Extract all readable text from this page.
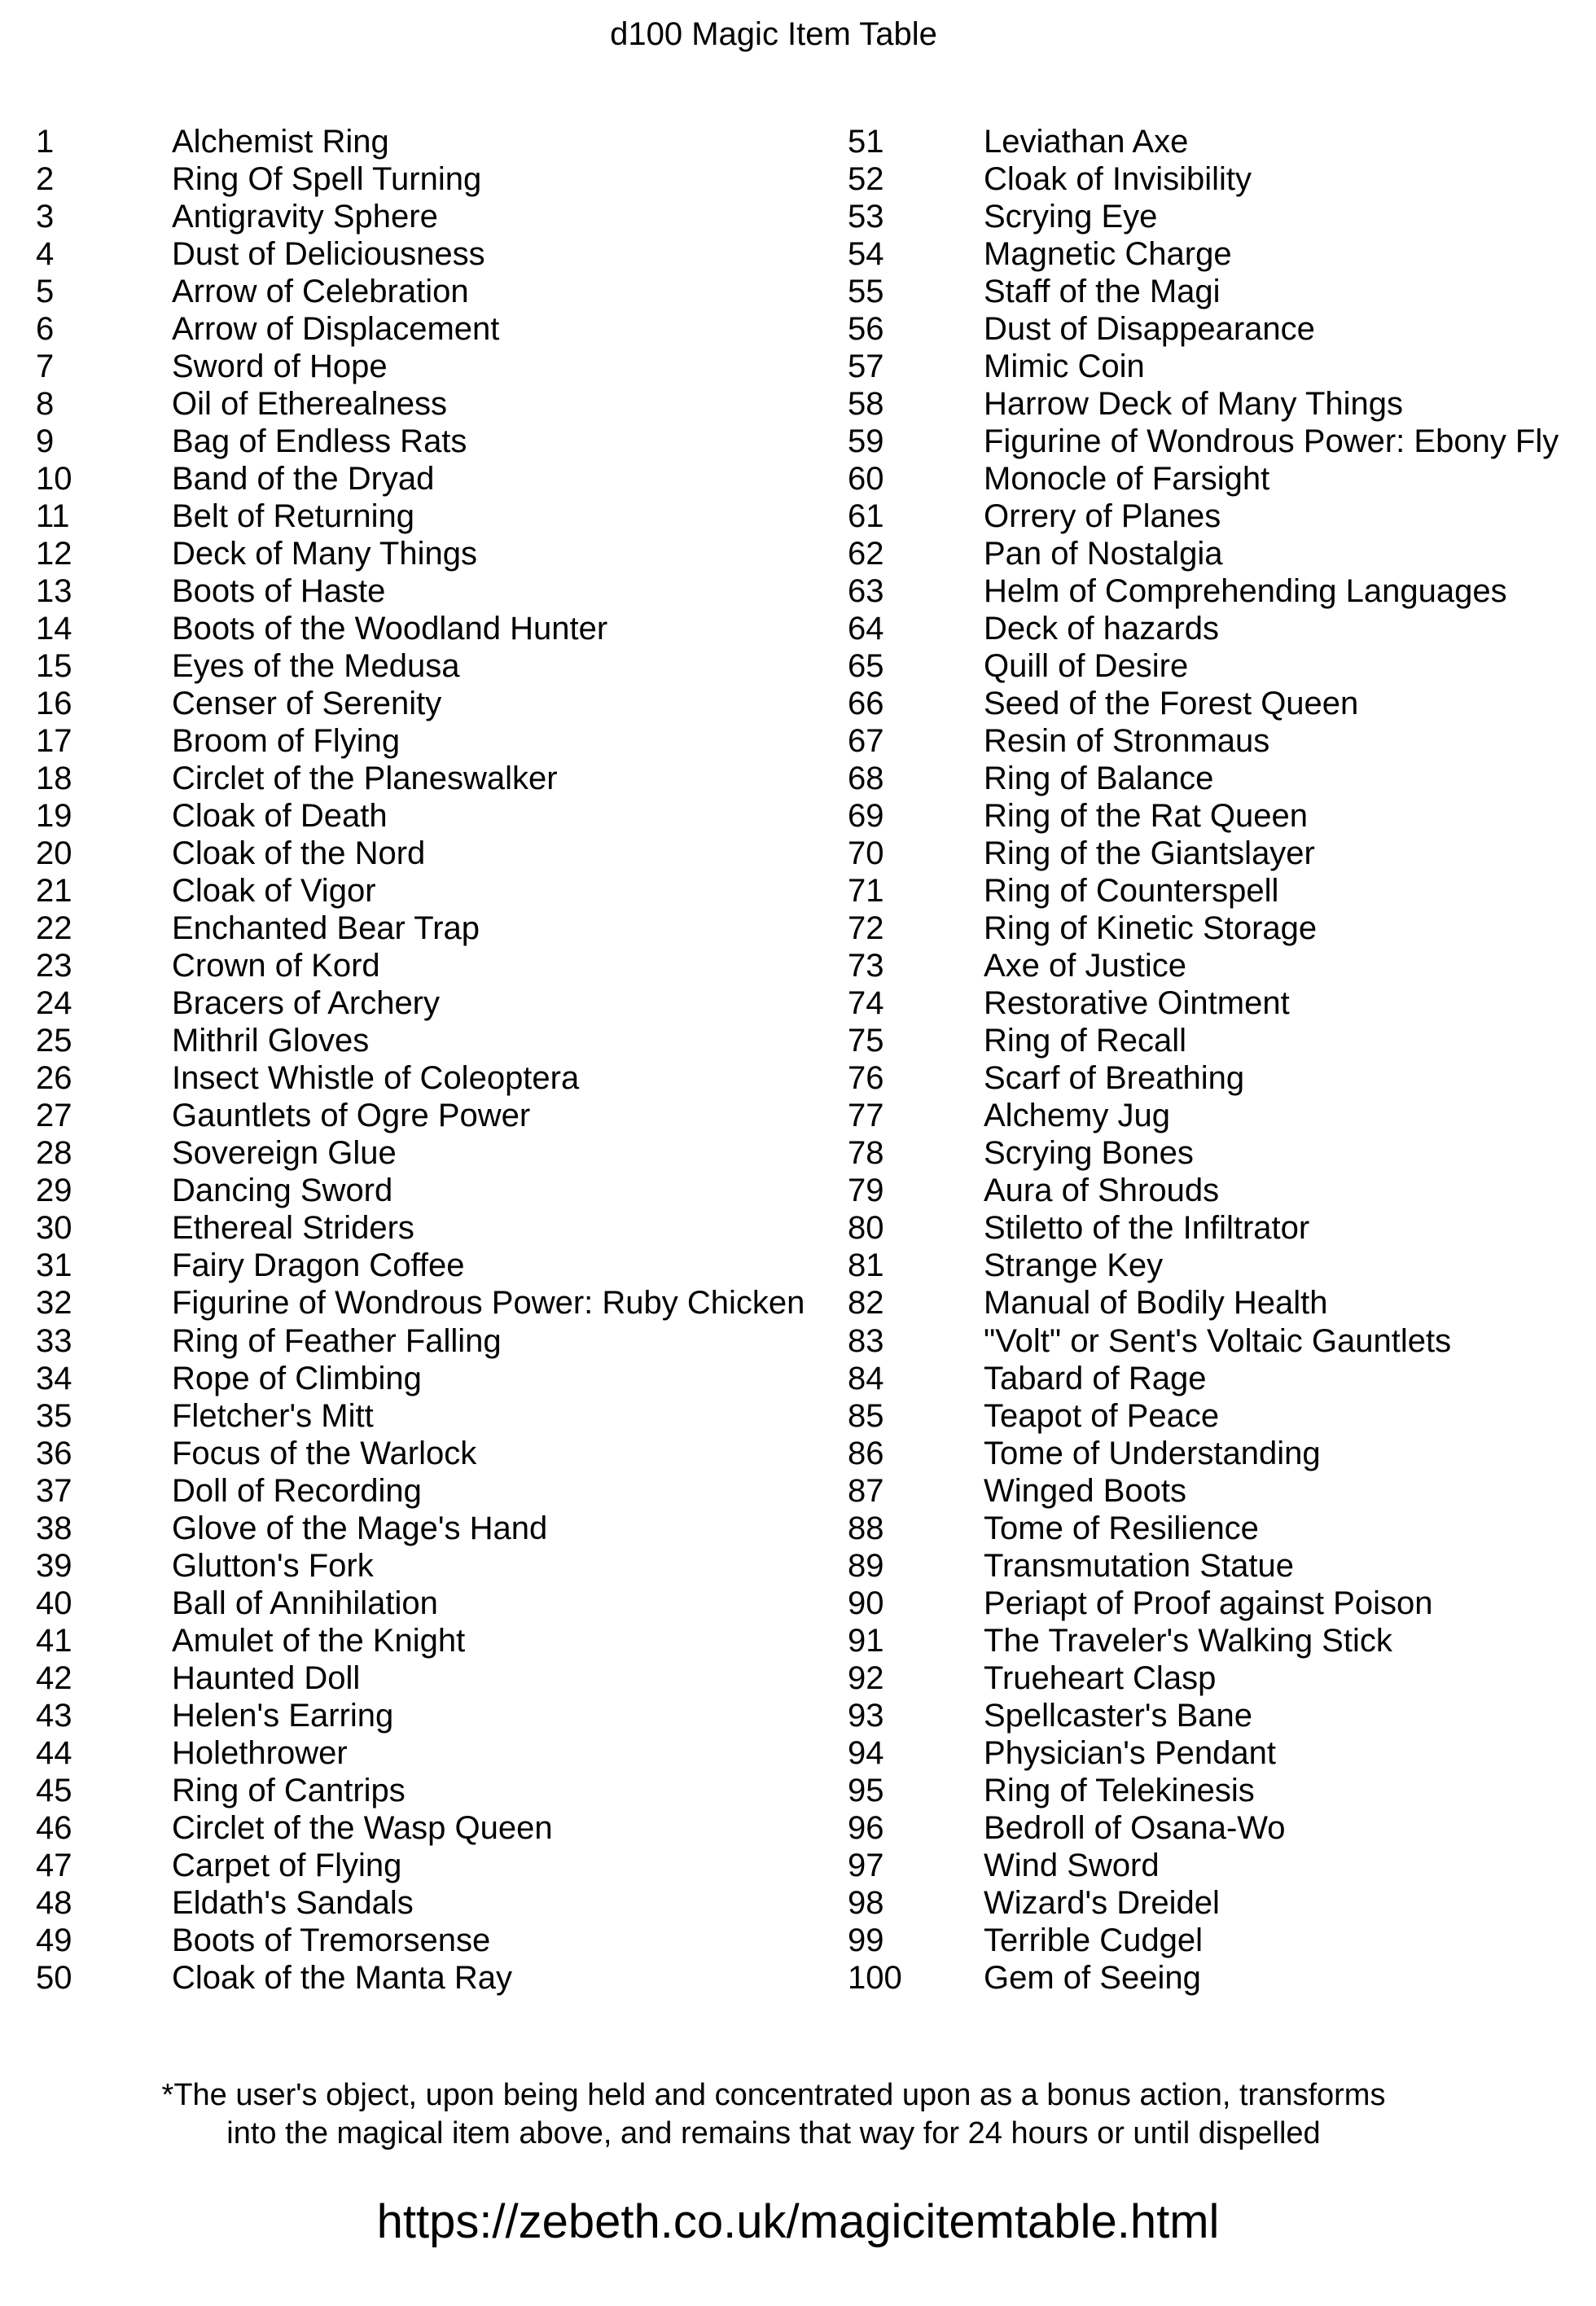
d100 Magic Item Table
1	Alchemist Ring
2	Ring Of Spell Turning
3	Antigravity Sphere
4	Dust of Deliciousness
5	Arrow of Celebration
6	Arrow of Displacement
7	Sword of Hope
8	Oil of Etherealness
9	Bag of Endless Rats
10	Band of the Dryad
11	Belt of Returning
12	Deck of Many Things
13	Boots of Haste
14	Boots of the Woodland Hunter
15	Eyes of the Medusa
16	Censer of Serenity
17	Broom of Flying
18	Circlet of the Planeswalker
19	Cloak of Death
20	Cloak of the Nord
21	Cloak of Vigor
22	Enchanted Bear Trap
23	Crown of Kord
24	Bracers of Archery
25	Mithril Gloves
26	Insect Whistle of Coleoptera
27	Gauntlets of Ogre Power
28	Sovereign Glue
29	Dancing Sword
30	Ethereal Striders
31	Fairy Dragon Coffee
32	Figurine of Wondrous Power: Ruby Chicken
33	Ring of Feather Falling
34	Rope of Climbing
35	Fletcher's Mitt
36	Focus of the Warlock
37	Doll of Recording
38	Glove of the Mage's Hand
39	Glutton's Fork
40	Ball of Annihilation
41	Amulet of the Knight
42	Haunted Doll
43	Helen's Earring
44	Holethrower
45	Ring of Cantrips
46	Circlet of the Wasp Queen
47	Carpet of Flying
48	Eldath's Sandals
49	Boots of Tremorsense
50	Cloak of the Manta Ray
51	Leviathan Axe
52	Cloak of Invisibility
53	Scrying Eye
54	Magnetic Charge
55	Staff of the Magi
56	Dust of Disappearance
57	Mimic Coin
58	Harrow Deck of Many Things
59	Figurine of Wondrous Power: Ebony Fly
60	Monocle of Farsight
61	Orrery of Planes
62	Pan of Nostalgia
63	Helm of Comprehending Languages
64	Deck of hazards
65	Quill of Desire
66	Seed of the Forest Queen
67	Resin of Stronmaus
68	Ring of Balance
69	Ring of the Rat Queen
70	Ring of the Giantslayer
71	Ring of Counterspell
72	Ring of Kinetic Storage
73	Axe of Justice
74	Restorative Ointment
75	Ring of Recall
76	Scarf of Breathing
77	Alchemy Jug
78	Scrying Bones
79	Aura of Shrouds
80	Stiletto of the Infiltrator
81	Strange Key
82	Manual of Bodily Health
83	"Volt" or Sent's Voltaic Gauntlets
84	Tabard of Rage
85	Teapot of Peace
86	Tome of Understanding
87	Winged Boots
88	Tome of Resilience
89	Transmutation Statue
90	Periapt of Proof against Poison
91	The Traveler's Walking Stick
92	Trueheart Clasp
93	Spellcaster's Bane
94	Physician's Pendant
95	Ring of Telekinesis
96	Bedroll of Osana-Wo
97	Wind Sword
98	Wizard's Dreidel
99	Terrible Cudgel
100	Gem of Seeing
*The user's object, upon being held and concentrated upon as a bonus action, transforms
into the magical item above, and remains that way for 24 hours or until dispelled
https://zebeth.co.uk/magicitemtable.html
